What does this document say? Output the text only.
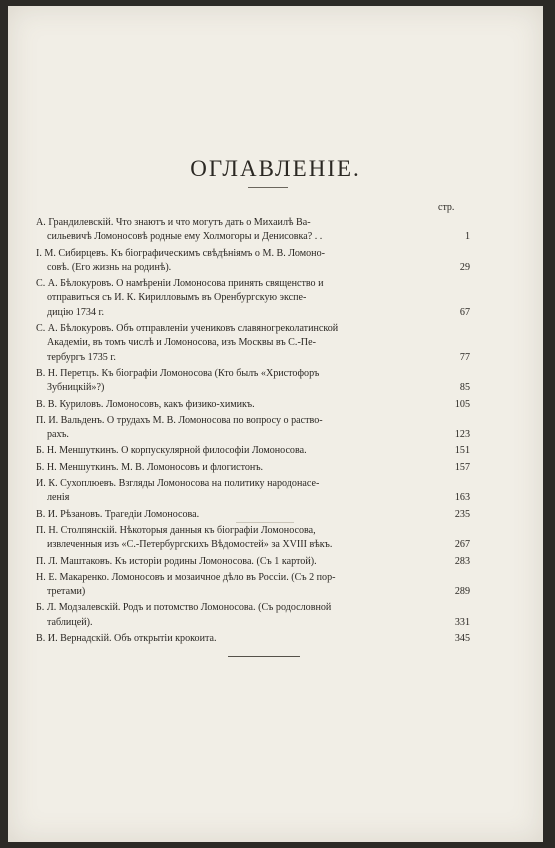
ОГЛАВЛЕНІЕ.
стр.
А. Грандилевскій. Что знаютъ и что могутъ дать о Михаилѣ Ва-
сильевичѣ Ломоносовѣ родные ему Холмогоры и Денисовка? . .	1
І. М. Сибирцевъ. Къ біографическимъ свѣдѣніямъ о М. В. Ломоно-
совѣ. (Его жизнь на родинѣ).	29
С. А. Бѣлокуровъ. О намѣреніи Ломоносова принять священство и
отправиться съ И. К. Кирилловымъ въ Оренбургскую экспе-
дицію 1734 г.	67
С. А. Бѣлокуровъ. Объ отправленіи учениковъ славяногреколатинской
Академіи, въ томъ числѣ и Ломоносова, изъ Москвы въ С.-Пе-
тербургъ 1735 г.	77
В. Н. Перетцъ. Къ біографіи Ломоносова (Кто былъ «Христофоръ
Зубницкій»?)	85
В. В. Куриловъ. Ломоносовъ, какъ физико-химикъ.	105
П. И. Вальденъ. О трудахъ М. В. Ломоносова по вопросу о раство-
рахъ.	123
Б. Н. Меншуткинъ. О корпускулярной философіи Ломоносова.	151
Б. Н. Меншуткинъ. М. В. Ломоносовъ и флогистонъ.	157
И. К. Сухоплюевъ. Взгляды Ломоносова на политику народонасе-
ленія	163
В. И. Рѣзановъ. Трагедіи Ломоносова.	235
П. Н. Столпянскій. Нѣкоторыя данныя къ біографіи Ломоносова,
извлеченныя изъ «С.-Петербургскихъ Вѣдомостей» за XVIII вѣкъ.	267
П. Л. Маштаковъ. Къ исторіи родины Ломоносова. (Съ 1 картой).	283
Н. Е. Макаренко. Ломоносовъ и мозаичное дѣло въ Россіи. (Съ 2 пор-
третами)	289
Б. Л. Модзалевскій. Родъ и потомство Ломоносова. (Съ родословной
таблицей).	331
В. И. Вернадскій. Объ открытіи крокоита.	345
